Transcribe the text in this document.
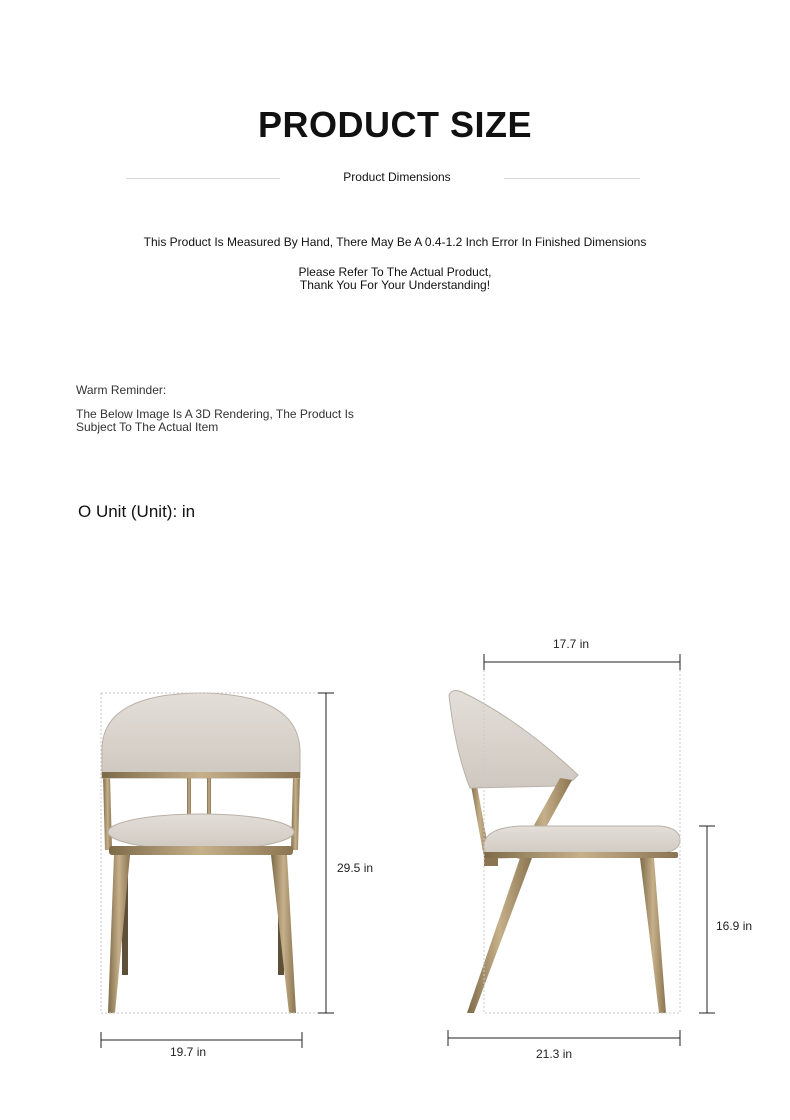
PRODUCT SIZE
Product Dimensions
This Product Is Measured By Hand, There May Be A 0.4-1.2 Inch Error In Finished Dimensions
Please Refer To The Actual Product,
Thank You For Your Understanding!
Warm Reminder:
The Below Image Is A 3D Rendering, The Product Is
Subject To The Actual Item
O Unit (Unit): in
19.7 in
29.5 in
17.7 in
16.9 in
21.3 in
